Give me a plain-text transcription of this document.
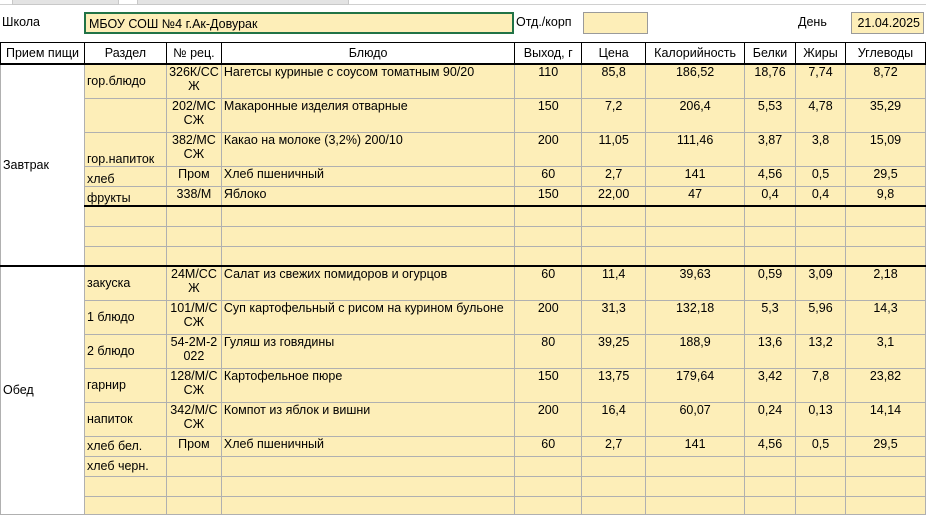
Школа	МБОУ СОШ №4 г.Ак-Довурак	Отд./корп	День	21.04.2025
Прием пищи	Раздел	№ рец.	Блюдо	Выход, г	Цена	Калорийность	Белки	Жиры	Углеводы
Завтрак	гор.блюдо	326К/ССЖ	Нагетсы куриные с соусом томатным 90/20	110	85,8	186,52	18,76	7,74	8,72
		202/МССЖ	Макаронные изделия отварные	150	7,2	206,4	5,53	4,78	35,29
	гор.напиток	382/МССЖ	Какао на молоке (3,2%) 200/10	200	11,05	111,46	3,87	3,8	15,09
	хлеб	Пром	Хлеб пшеничный	60	2,7	141	4,56	0,5	29,5
	фрукты	338/М	Яблоко	150	22,00	47	0,4	0,4	9,8

Обед	закуска	24М/ССЖ	Салат из свежих помидоров и огурцов	60	11,4	39,63	0,59	3,09	2,18
	1 блюдо	101/М/ССЖ	Суп картофельный с рисом на курином бульоне	200	31,3	132,18	5,3	5,96	14,3
	2 блюдо	54-2М-2022	Гуляш из говядины	80	39,25	188,9	13,6	13,2	3,1
	гарнир	128/М/ССЖ	Картофельное пюре	150	13,75	179,64	3,42	7,8	23,82
	напиток	342/М/ССЖ	Компот из яблок и вишни	200	16,4	60,07	0,24	0,13	14,14
	хлеб бел.	Пром	Хлеб пшеничный	60	2,7	141	4,56	0,5	29,5
	хлеб черн.								
